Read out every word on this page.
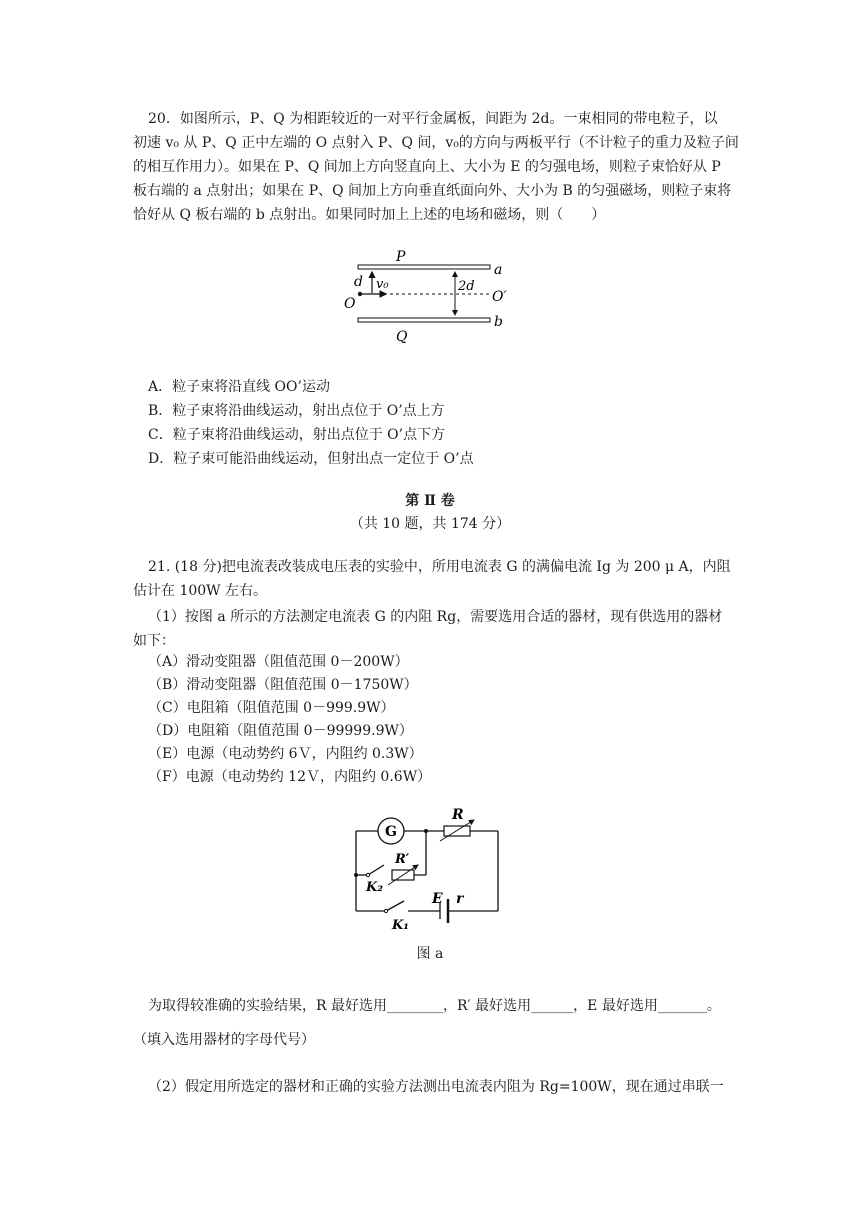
20．如图所示，P、Q 为相距较近的一对平行金属板，间距为 2d。一束相同的带电粒子，以
初速 v₀ 从 P、Q 正中左端的 O 点射入 P、Q 间，v₀的方向与两板平行（不计粒子的重力及粒子间
的相互作用力）。如果在 P、Q 间加上方向竖直向上、大小为 E 的匀强电场，则粒子束恰好从 P
板右端的 a 点射出；如果在 P、Q 间加上方向垂直纸面向外、大小为 B 的匀强磁场，则粒子束将
恰好从 Q 板右端的 b 点射出。如果同时加上上述的电场和磁场，则（　　）
P
Q
a
b
O	O′
d v₀	2d
A．粒子束将沿直线 OO’运动
B．粒子束将沿曲线运动，射出点位于 O’点上方
C．粒子束将沿曲线运动，射出点位于 O’点下方
D．粒子束可能沿曲线运动，但射出点一定位于 O’点
第 Ⅱ 卷
（共 10 题，共 174 分）
21. (18 分)把电流表改装成电压表的实验中，所用电流表 G 的满偏电流 Ig 为 200 μ A，内阻
估计在 100W 左右。
（1）按图 a 所示的方法测定电流表 G 的内阻 Rg，需要选用合适的器材，现有供选用的器材
如下：
（A）滑动变阻器（阻值范围 0－200W）
（B）滑动变阻器（阻值范围 0－1750W）
（C）电阻箱（阻值范围 0－999.9W）
（D）电阻箱（阻值范围 0－99999.9W）
（E）电源（电动势约 6Ｖ，内阻约 0.3W）
（F）电源（电动势约 12Ｖ，内阻约 0.6W）
G
R
K₂
R′
K₁
E r
图 a
为取得较准确的实验结果，R 最好选用________，R′ 最好选用______，E 最好选用_______。
（填入选用器材的字母代号）
（2）假定用所选定的器材和正确的实验方法测出电流表内阻为 Rg=100W，现在通过串联一
